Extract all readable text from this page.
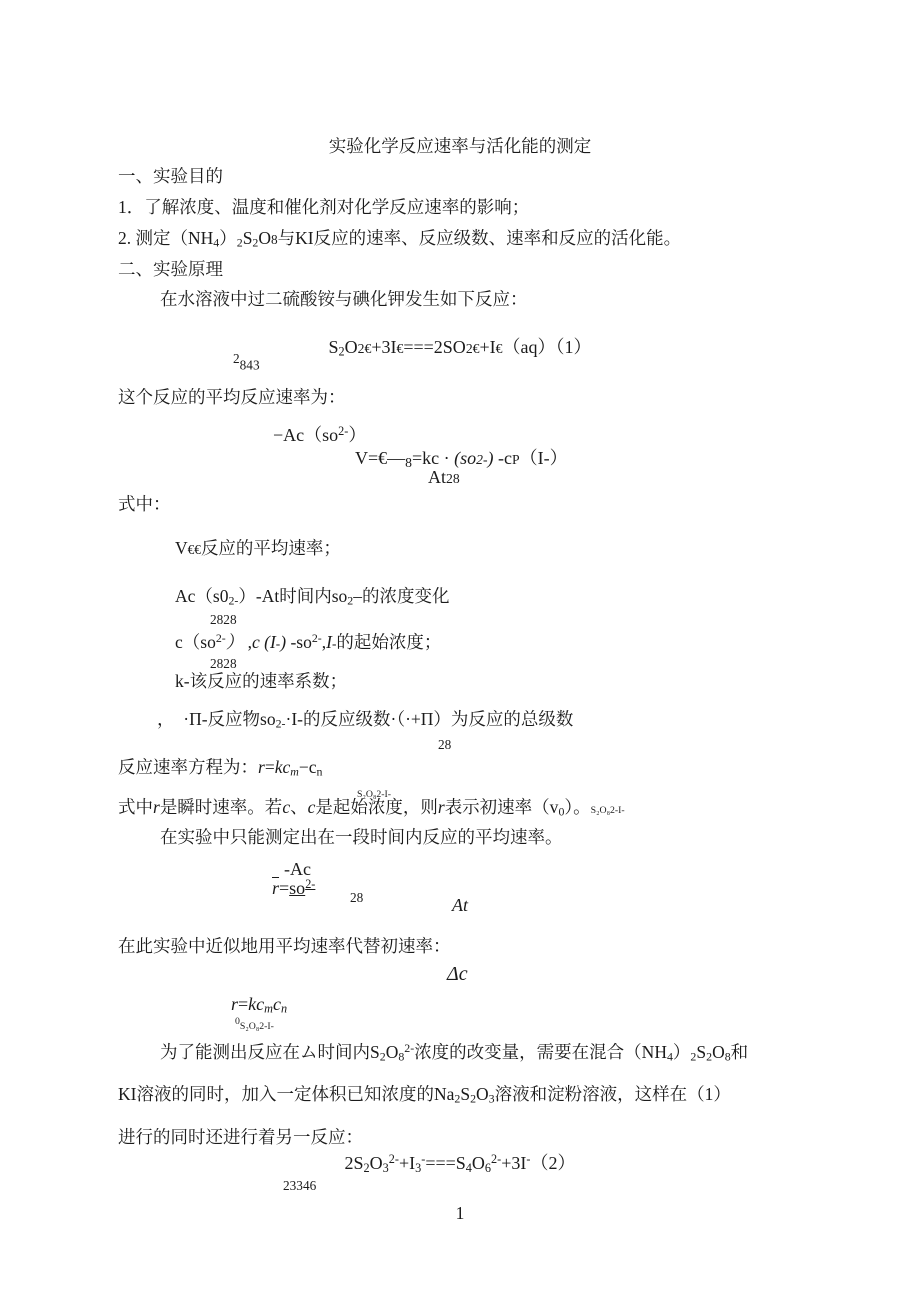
实验化学反应速率与活化能的测定
一、实验目的
1．了解浓度、温度和催化剂对化学反应速率的影响；
2. 测定$(NH_4)_2S_2O8$与KI反应的速率、反应级数、速率和反应的活化能。
二、实验原理
在水溶液中过二硫酸铵与碘化钾发生如下反应：
$S_2O2€+3I€===2SO2€+I€(aq)(1)$
$^2$843
这个反应的平均反应速率为：
$-Ac(so^{2-})$
$V=€—_8=kc \cdot (so2-)$ -cP（I-）
At28
式中：
V€€反应的平均速率；
$Ac(s0_{2-})-At$时间内$so_2-$的浓度变化
2828
$c(so^{2-})$ ,c (I-) $-so^{2-},I-$的起始浓度；
2828
k-该反应的速率系数；
，　·Π-反应物$so_{2-}\cdot I-$的反应级数·（·+Π）为反应的总级数
28
反应速率方程为：$r=kc_m-c_n$
S₂O₈2-I-
式中r是瞬时速率。若c、c是起始浓度，则r表示初速率$(v_0)$。S₂O₈2-I-
在实验中只能测定出在一段时间内反应的平均速率。
-Ac
$\overline{r}=so^{2-}$
28	At
在此实验中近似地用平均速率代替初速率：
Δc
$r=kc_mc_n$
$^0$S₂O₈2-I-
为了能测出反应在ム时间内$S_2O_8^{2-}$浓度的改变量，需要在混合$(NH_4)_2S_2O_8$和
KI溶液的同时，加入一定体积已知浓度的$Na_2S_2O_3$溶液和淀粉溶液，这样在（1）
进行的同时还进行着另一反应：
$2S_2O_3^{2-}+I_3^-===S_4O_6^{2-}+3I^-(2)$
23346
1
